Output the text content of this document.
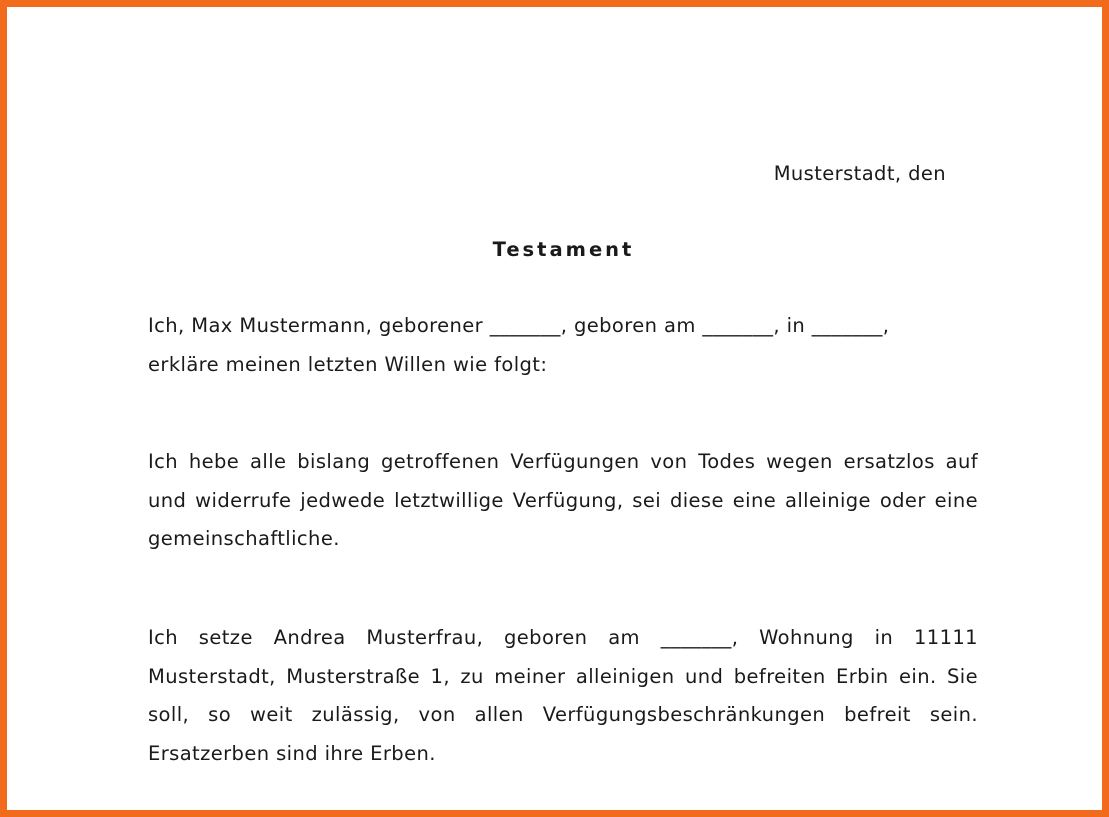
Musterstadt, den
Testament

Ich, Max Mustermann, geborener _______, geboren am _______, in _______,
erkläre meinen letzten Willen wie folgt:

Ich hebe alle bislang getroffenen Verfügungen von Todes wegen ersatzlos auf
und widerrufe jedwede letztwillige Verfügung, sei diese eine alleinige oder eine
gemeinschaftliche.

Ich setze Andrea Musterfrau, geboren am _______, Wohnung in 11111
Musterstadt, Musterstraße 1, zu meiner alleinigen und befreiten Erbin ein. Sie
soll, so weit zulässig, von allen Verfügungsbeschränkungen befreit sein.
Ersatzerben sind ihre Erben.
